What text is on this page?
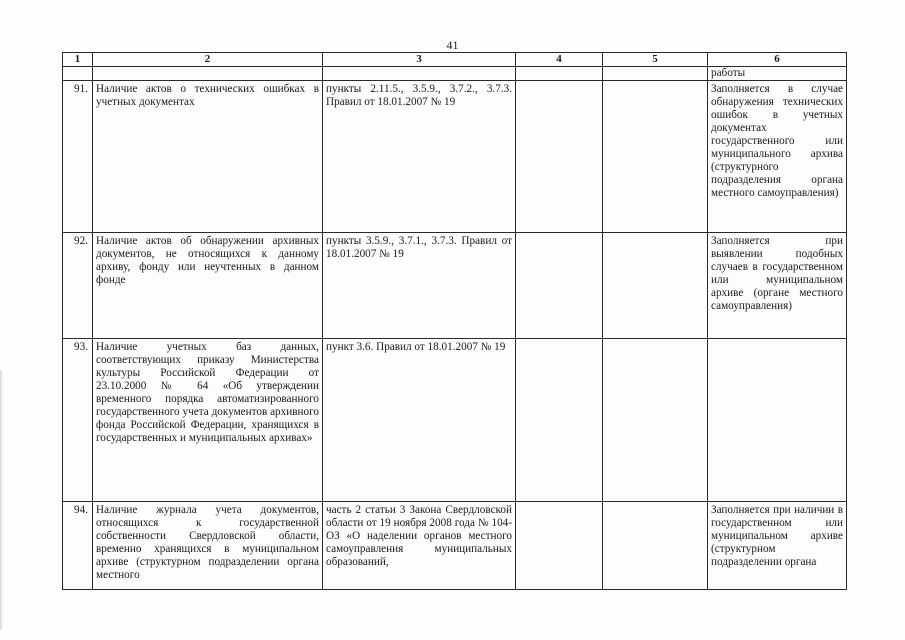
41
1	2	3	4	5	6
					работы
91.	Наличие актов о технических ошибках в учетных документах	пункты 2.11.5., 3.5.9., 3.7.2., 3.7.3. Правил от 18.01.2007 № 19			Заполняется в случае обнаружения технических ошибок в учетных документах государственного или муниципального архива (структурного подразделения органа местного самоуправления)
92.	Наличие актов об обнаружении архивных документов, не относящихся к данному архиву, фонду или неучтенных в данном фонде	пункты 3.5.9., 3.7.1., 3.7.3. Правил от 18.01.2007 № 19			Заполняется при выявлении подобных случаев в государственном или муниципальном архиве (органе местного самоуправления)
93.	Наличие учетных баз данных, соответствующих приказу Министерства культуры Российской Федерации от 23.10.2000 № 64 «Об утверждении временного порядка автоматизированного государственного учета документов архивного фонда Российской Федерации, хранящихся в государственных и муниципальных архивах»	пункт 3.6. Правил от 18.01.2007 № 19			
94.	Наличие журнала учета документов, относящихся к государственной собственности Свердловской области, временно хранящихся в муниципальном архиве (структурном подразделении органа местного	часть 2 статьи 3 Закона Свердловской области от 19 ноября 2008 года № 104-ОЗ «О наделении органов местного самоуправления муниципальных образований,			Заполняется при наличии в государственном или муниципальном архиве (структурном подразделении органа
